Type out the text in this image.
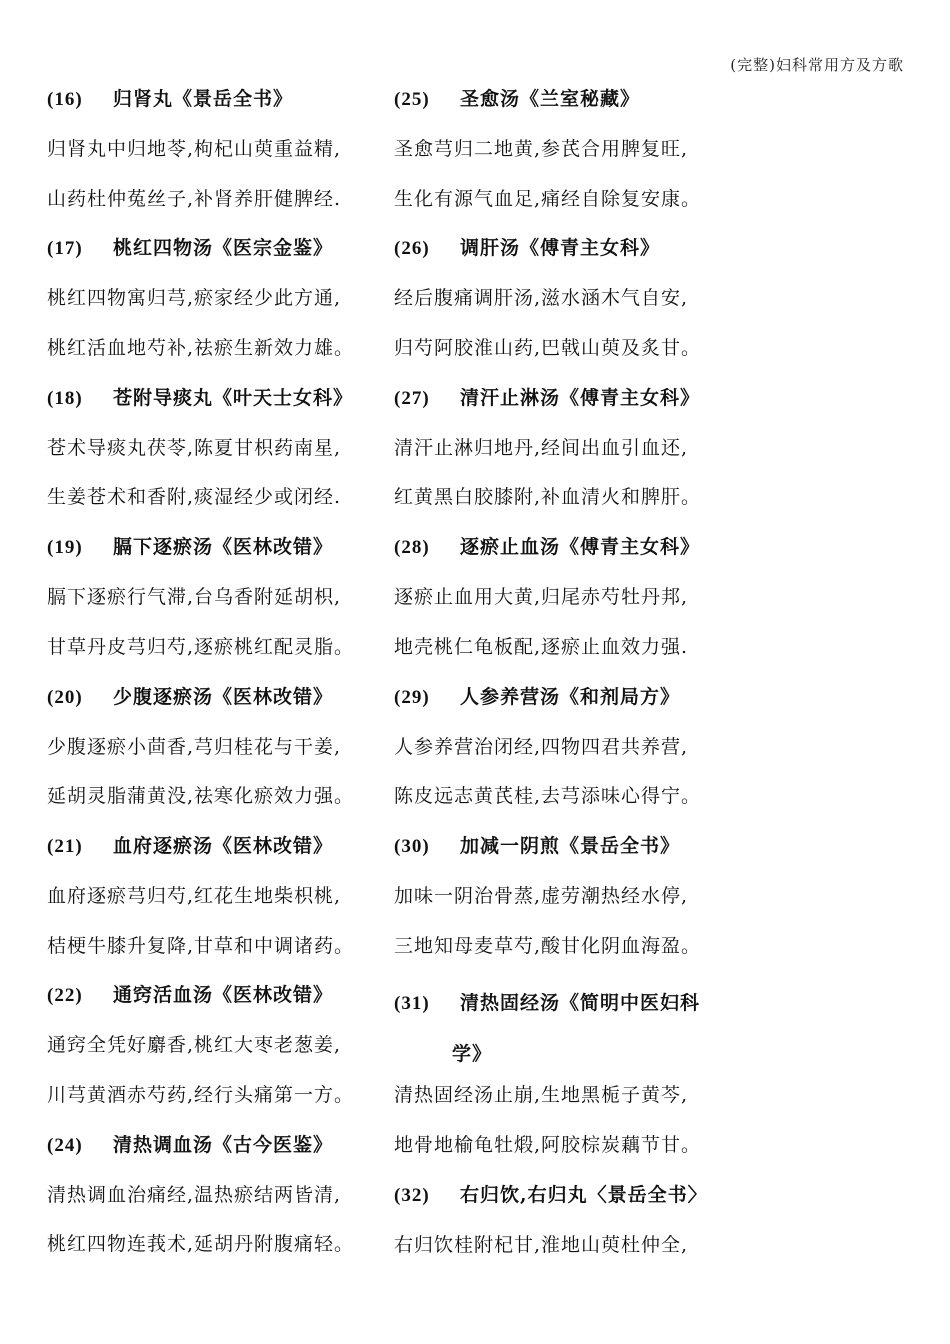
(完整)妇科常用方及方歌
(16) 归肾丸《景岳全书》
归肾丸中归地苓,枸杞山萸重益精,
山药杜仲菟丝子,补肾养肝健脾经.
(17) 桃红四物汤《医宗金鉴》
桃红四物寓归芎,瘀家经少此方通,
桃红活血地芍补,祛瘀生新效力雄。
(18) 苍附导痰丸《叶天士女科》
苍术导痰丸茯苓,陈夏甘枳药南星,
生姜苍术和香附,痰湿经少或闭经.
(19) 膈下逐瘀汤《医林改错》
膈下逐瘀行气滞,台乌香附延胡枳,
甘草丹皮芎归芍,逐瘀桃红配灵脂。
(20) 少腹逐瘀汤《医林改错》
少腹逐瘀小茴香,芎归桂花与干姜,
延胡灵脂蒲黄没,祛寒化瘀效力强。
(21) 血府逐瘀汤《医林改错》
血府逐瘀芎归芍,红花生地柴枳桃,
桔梗牛膝升复降,甘草和中调诸药。
(22) 通窍活血汤《医林改错》
通窍全凭好麝香,桃红大枣老葱姜,
川芎黄酒赤芍药,经行头痛第一方。
(24) 清热调血汤《古今医鉴》
清热调血治痛经,温热瘀结两皆清,
桃红四物连莪术,延胡丹附腹痛轻。
(25) 圣愈汤《兰室秘藏》
圣愈芎归二地黄,参芪合用脾复旺,
生化有源气血足,痛经自除复安康。
(26) 调肝汤《傅青主女科》
经后腹痛调肝汤,滋水涵木气自安,
归芍阿胶淮山药,巴戟山萸及炙甘。
(27) 清汗止淋汤《傅青主女科》
清汗止淋归地丹,经间出血引血还,
红黄黑白胶膝附,补血清火和脾肝。
(28) 逐瘀止血汤《傅青主女科》
逐瘀止血用大黄,归尾赤芍牡丹邦,
地壳桃仁龟板配,逐瘀止血效力强.
(29) 人参养营汤《和剂局方》
人参养营治闭经,四物四君共养营,
陈皮远志黄芪桂,去芎添味心得宁。
(30) 加减一阴煎《景岳全书》
加味一阴治骨蒸,虚劳潮热经水停,
三地知母麦草芍,酸甘化阴血海盈。
(31) 清热固经汤《简明中医妇科
学》
清热固经汤止崩,生地黑栀子黄芩,
地骨地榆龟牡煅,阿胶棕炭藕节甘。
(32) 右归饮,右归丸〈景岳全书〉
右归饮桂附杞甘,淮地山萸杜仲全,
